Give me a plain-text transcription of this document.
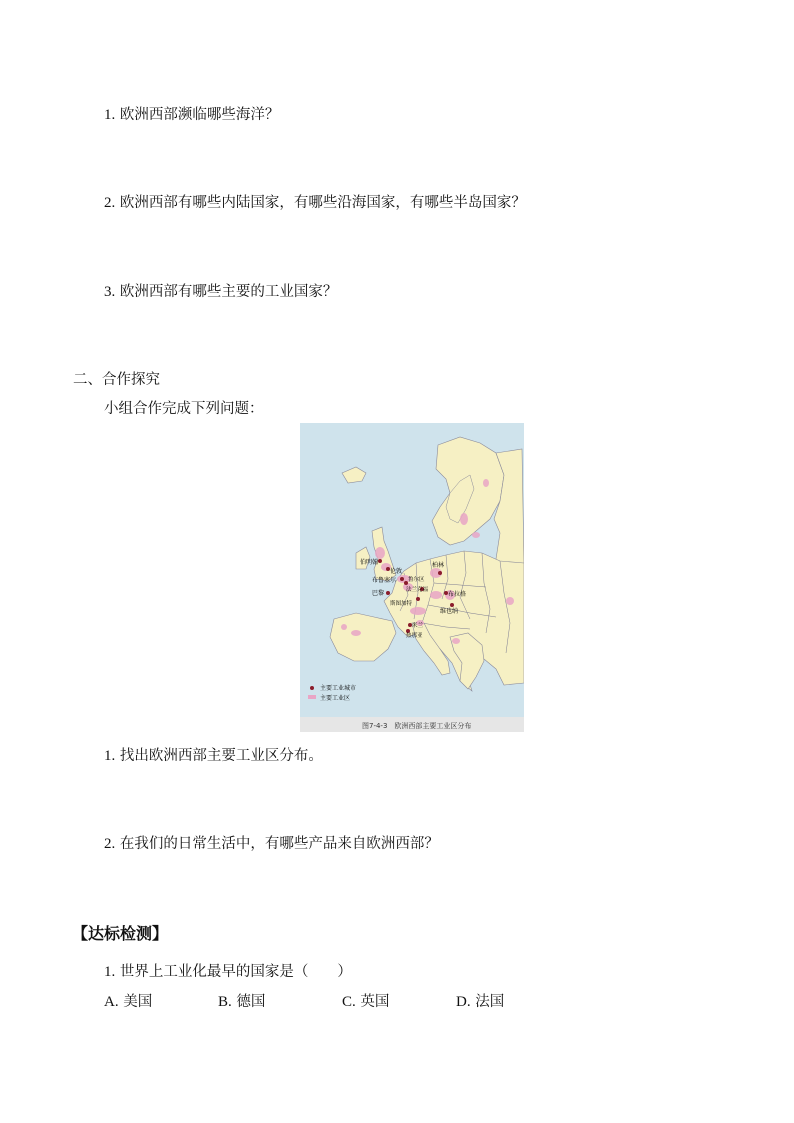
1. 欧洲西部濒临哪些海洋？
2. 欧洲西部有哪些内陆国家，有哪些沿海国家，有哪些半岛国家？
3. 欧洲西部有哪些主要的工业国家？
二、合作探究
小组合作完成下列问题：
伯明翰
伦敦
布鲁塞尔 鲁尔区
巴黎
柏林
法兰克福
斯图加特
布拉格
维也纳
米兰
热那亚
主要工业城市
主要工业区
图7-4-3　欧洲西部主要工业区分布
1. 找出欧洲西部主要工业区分布。
2. 在我们的日常生活中，有哪些产品来自欧洲西部？
【达标检测】
1. 世界上工业化最早的国家是（　　）
A. 美国	B. 德国	C. 英国	D. 法国
